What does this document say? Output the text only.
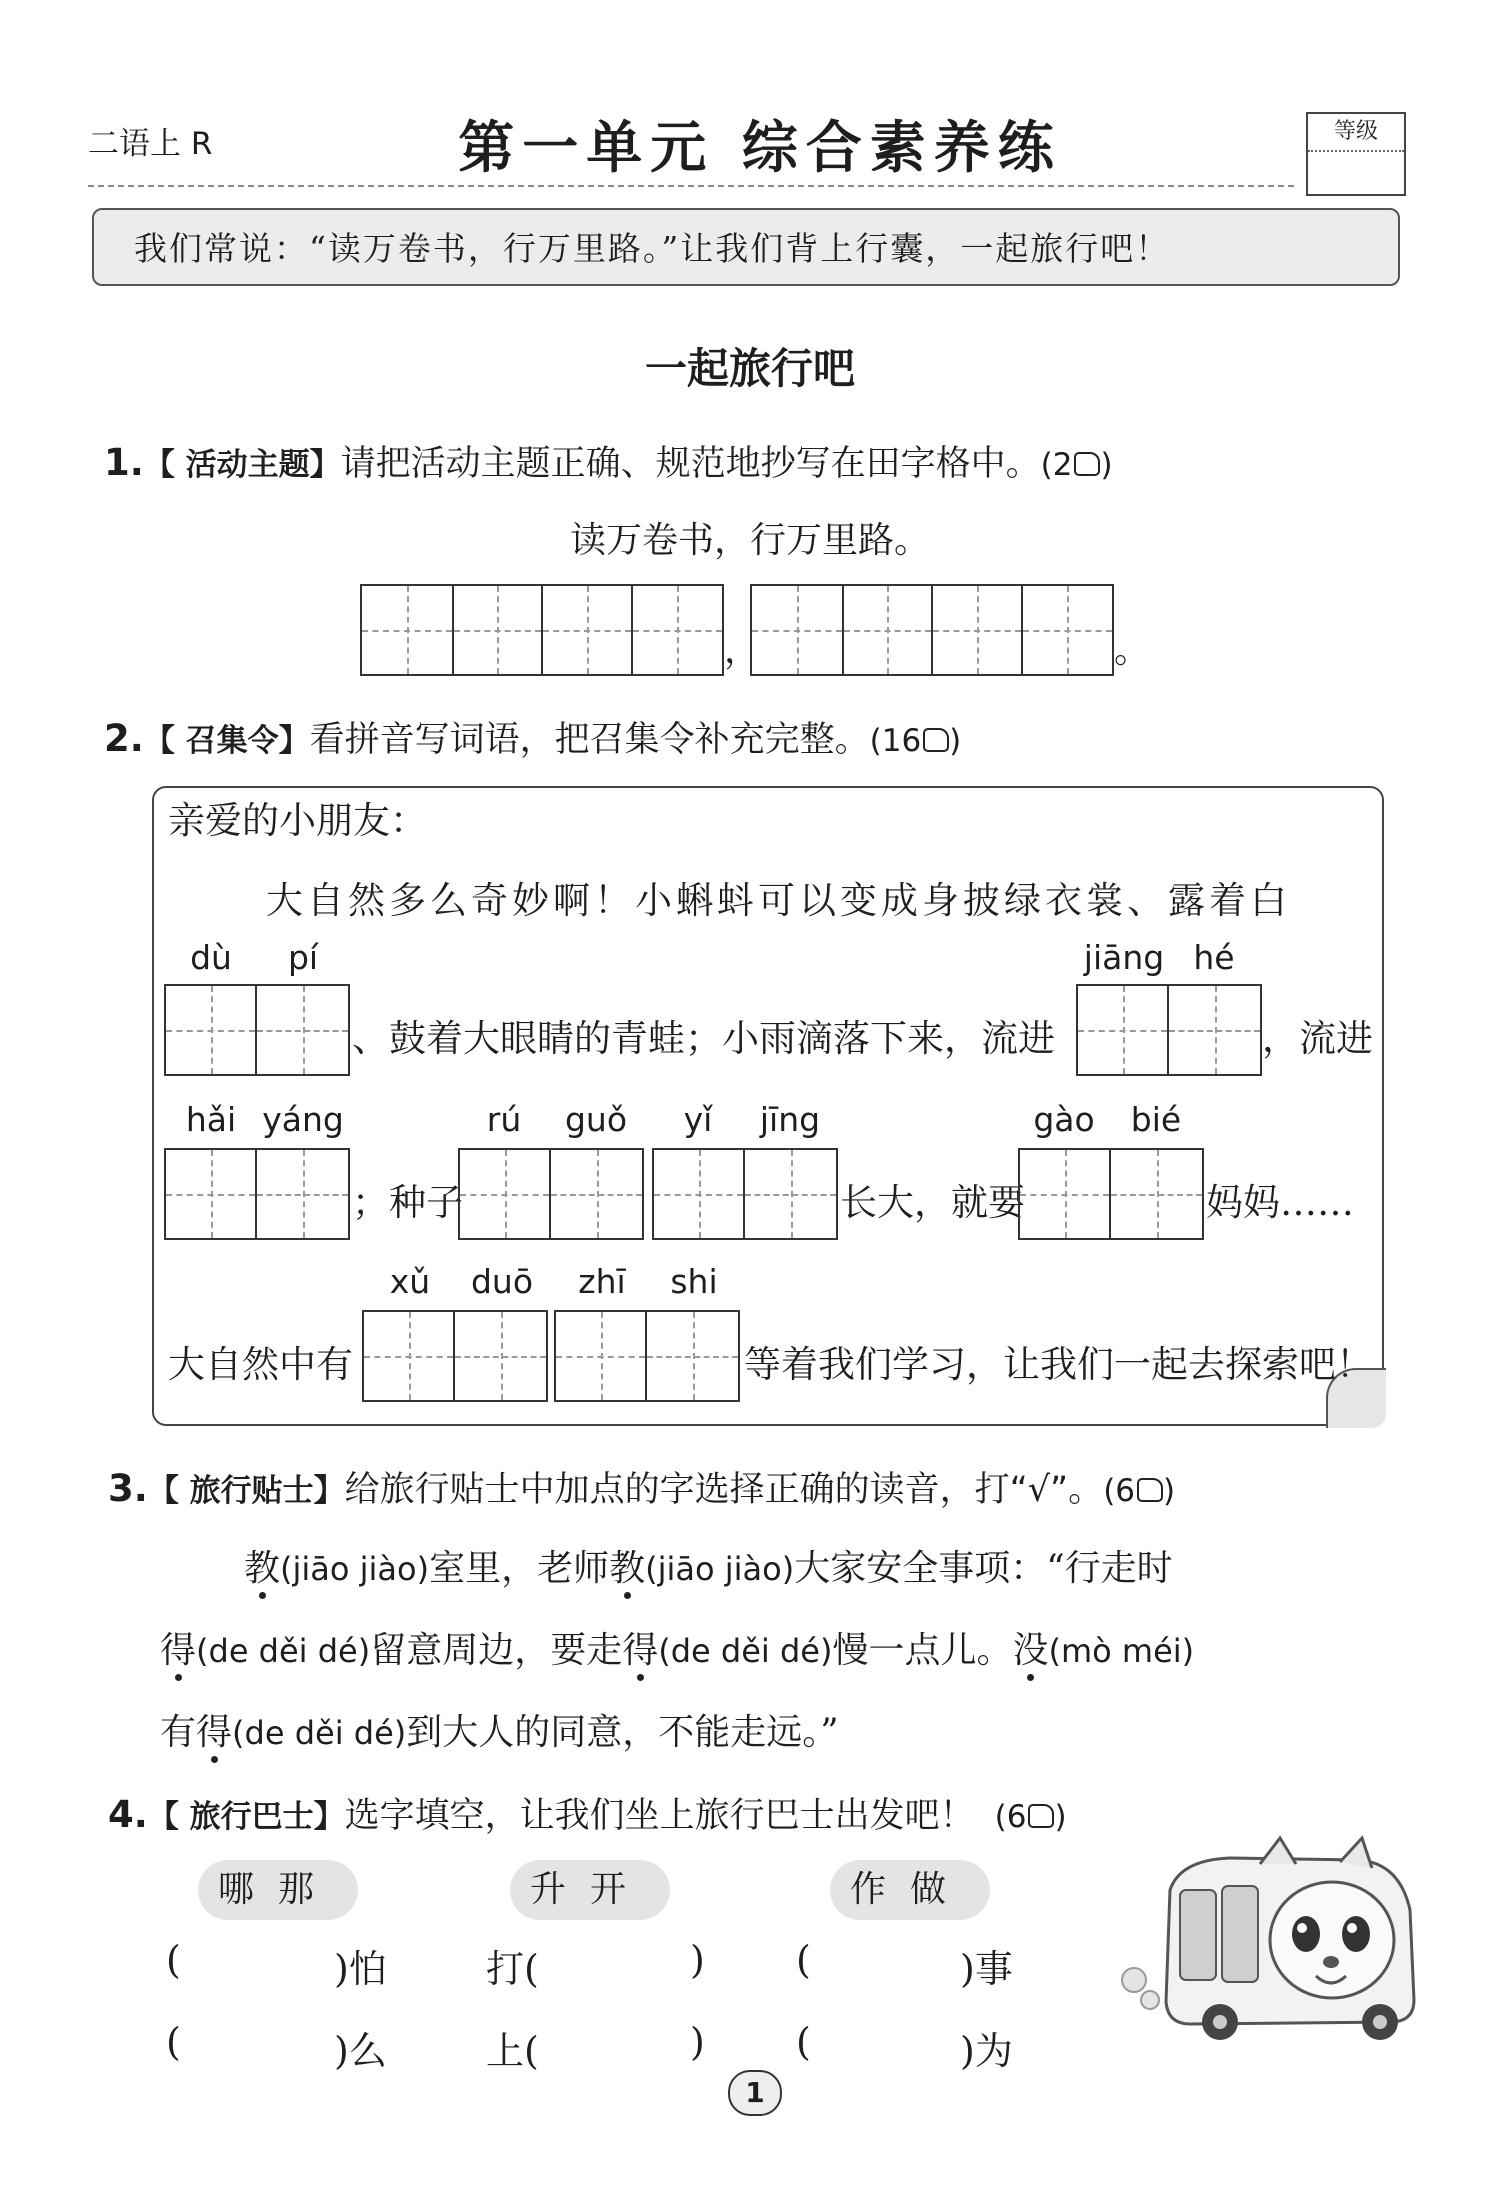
二语上 R	第一单元 综合素养练	等级
我们常说：“读万卷书，行万里路。”让我们背上行囊，一起旅行吧！
一起旅行吧
1.【 活动主题】请把活动主题正确、规范地抄写在田字格中。(2 )
读万卷书，行万里路。
，	。
2.【 召集令】看拼音写词语，把召集令补充完整。(16 )
亲爱的小朋友：
大自然多么奇妙啊！小蝌蚪可以变成身披绿衣裳、露着白
dù	pí
、鼓着大眼睛的青蛙；小雨滴落下来，流进
jiāng hé
，流进
hǎi yáng
；种子
rú	guǒ	yǐ	jīng
长大，就要
gào	bié
妈妈……
大自然中有
xǔ	duō	zhī	shi
等着我们学习，让我们一起去探索吧！
3.【 旅行贴士】给旅行贴士中加点的字选择正确的读音，打“√”。(6 )
教(jiāo jiào)室里，老师教(jiāo jiào)大家安全事项：“行走时
得(de děi dé)留意周边，要走得(de děi dé)慢一点儿。没(mò méi)
有得(de děi dé)到大人的同意，不能走远。”
4.【 旅行巴士】选字填空，让我们坐上旅行巴士出发吧！ (6 )
哪那	升开	作做
(	)怕	打(	) (	)事
(	)么	上(	) (	)为
1
